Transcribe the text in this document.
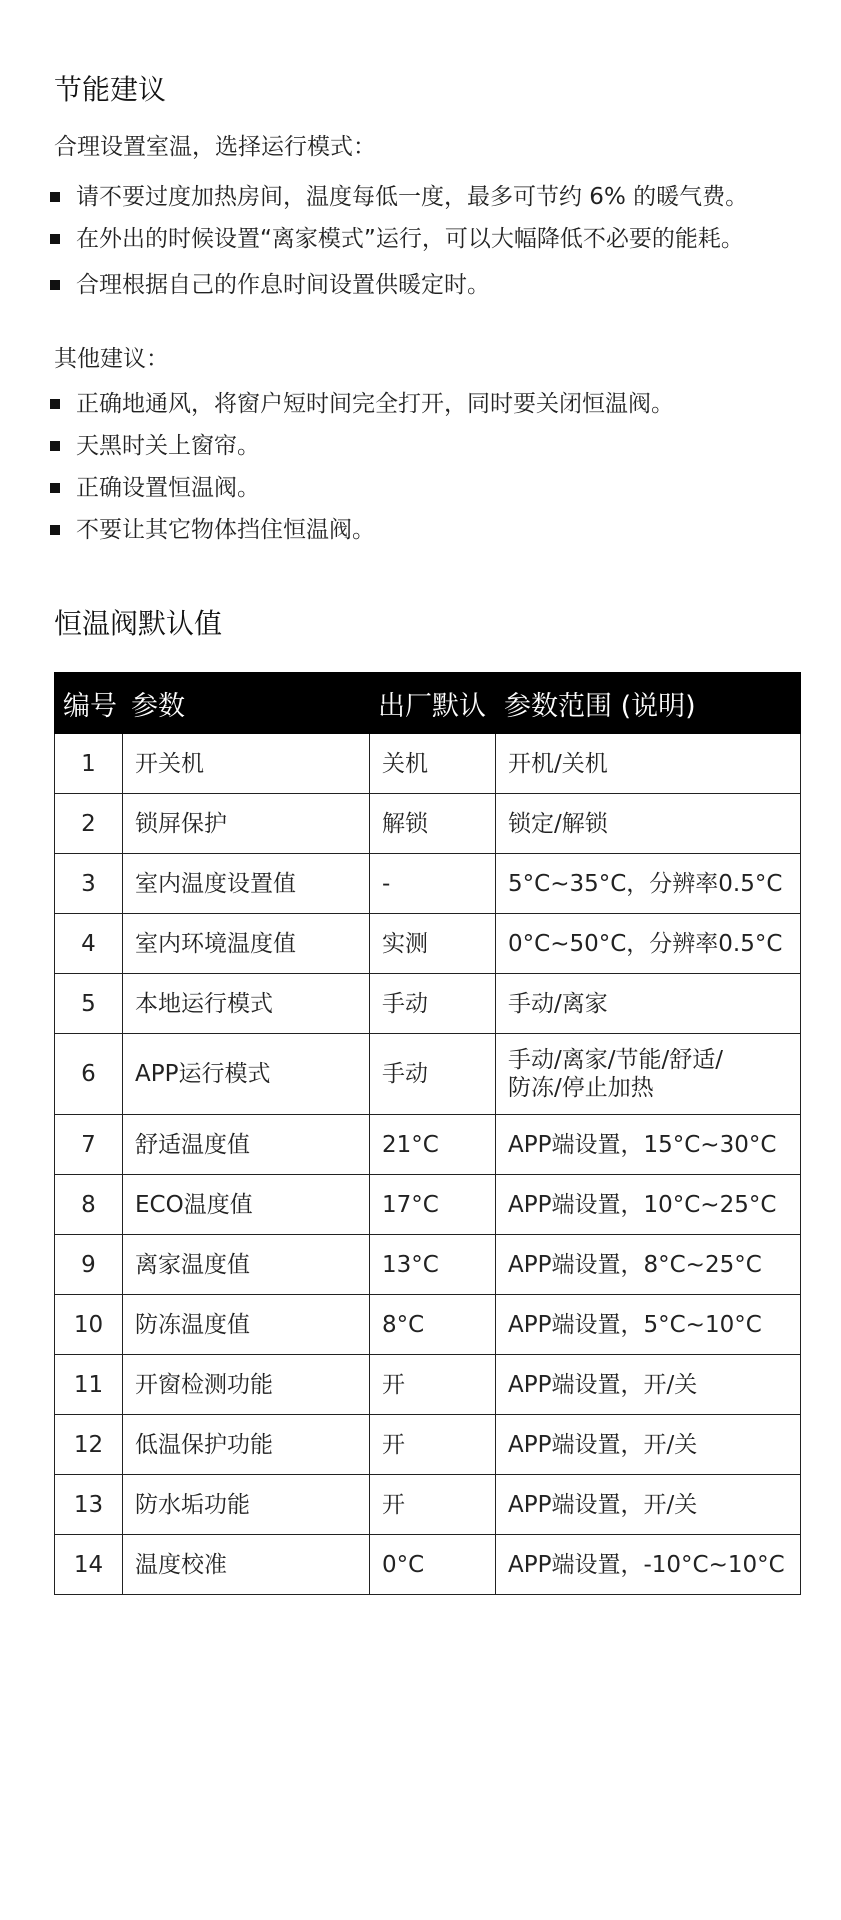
节能建议

合理设置室温，选择运行模式：

请不要过度加热房间，温度每低一度，最多可节约 6% 的暖气费。
在外出的时候设置“离家模式”运行，可以大幅降低不必要的能耗。
合理根据自己的作息时间设置供暖定时。

其他建议：

正确地通风，将窗户短时间完全打开，同时要关闭恒温阀。
天黑时关上窗帘。
正确设置恒温阀。
不要让其它物体挡住恒温阀。
恒温阀默认值
编号	参数	出厂默认	参数范围 (说明)
1	开关机	关机	开机/关机
2	锁屏保护	解锁	锁定/解锁
3	室内温度设置值	-	5°C~35°C，分辨率0.5°C
4	室内环境温度值	实测	0°C~50°C，分辨率0.5°C
5	本地运行模式	手动	手动/离家
6	APP运行模式	手动	手动/离家/节能/舒适/
防冻/停止加热

7	舒适温度值	21°C	APP端设置，15°C~30°C
8	ECO温度值	17°C	APP端设置，10°C~25°C
9	离家温度值	13°C	APP端设置，8°C~25°C
10	防冻温度值	8°C	APP端设置，5°C~10°C
11	开窗检测功能	开	APP端设置，开/关
12	低温保护功能	开	APP端设置，开/关
13	防水垢功能	开	APP端设置，开/关
14	温度校准	0°C	APP端设置，-10°C~10°C
